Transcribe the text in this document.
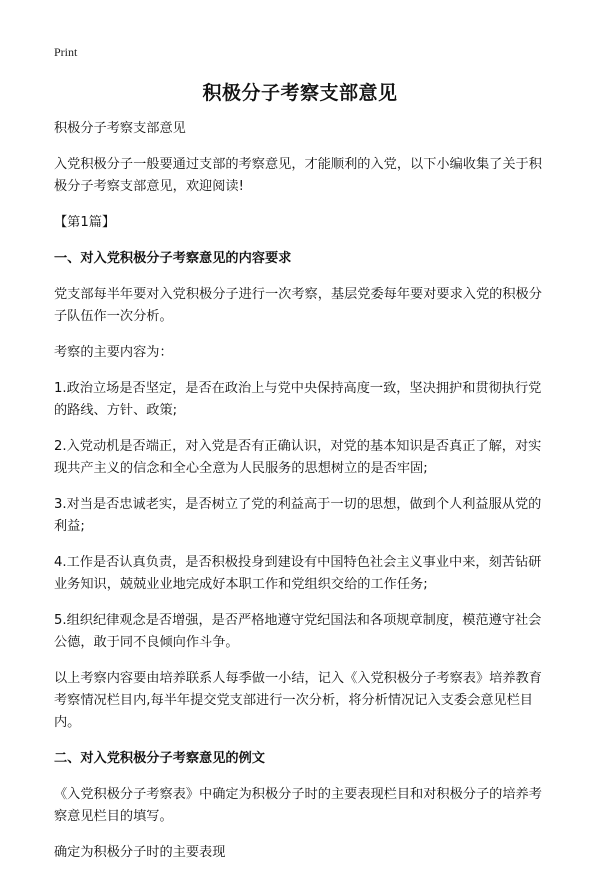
Print
积极分子考察支部意见

积极分子考察支部意见

入党积极分子一般要通过支部的考察意见，才能顺利的入党，以下小编收集了关于积极分子考察支部意见，欢迎阅读!

【第1篇】

一、对入党积极分子考察意见的内容要求

党支部每半年要对入党积极分子进行一次考察，基层党委每年要对要求入党的积极分子队伍作一次分析。

考察的主要内容为：

1.政治立场是否坚定，是否在政治上与党中央保持高度一致，坚决拥护和贯彻执行党的路线、方针、政策;

2.入党动机是否端正，对入党是否有正确认识，对党的基本知识是否真正了解，对实现共产主义的信念和全心全意为人民服务的思想树立的是否牢固;

3.对当是否忠诚老实，是否树立了党的利益高于一切的思想，做到个人利益服从党的利益;

4.工作是否认真负责，是否积极投身到建设有中国特色社会主义事业中来，刻苦钻研业务知识，兢兢业业地完成好本职工作和党组织交给的工作任务;

5.组织纪律观念是否增强，是否严格地遵守党纪国法和各项规章制度，模范遵守社会公德，敢于同不良倾向作斗争。

以上考察内容要由培养联系人每季做一小结，记入《入党积极分子考察表》培养教育考察情况栏目内,每半年提交党支部进行一次分析，将分析情况记入支委会意见栏目内。

二、对入党积极分子考察意见的例文

《入党积极分子考察表》中确定为积极分子时的主要表现栏目和对积极分子的培养考察意见栏目的填写。

确定为积极分子时的主要表现
